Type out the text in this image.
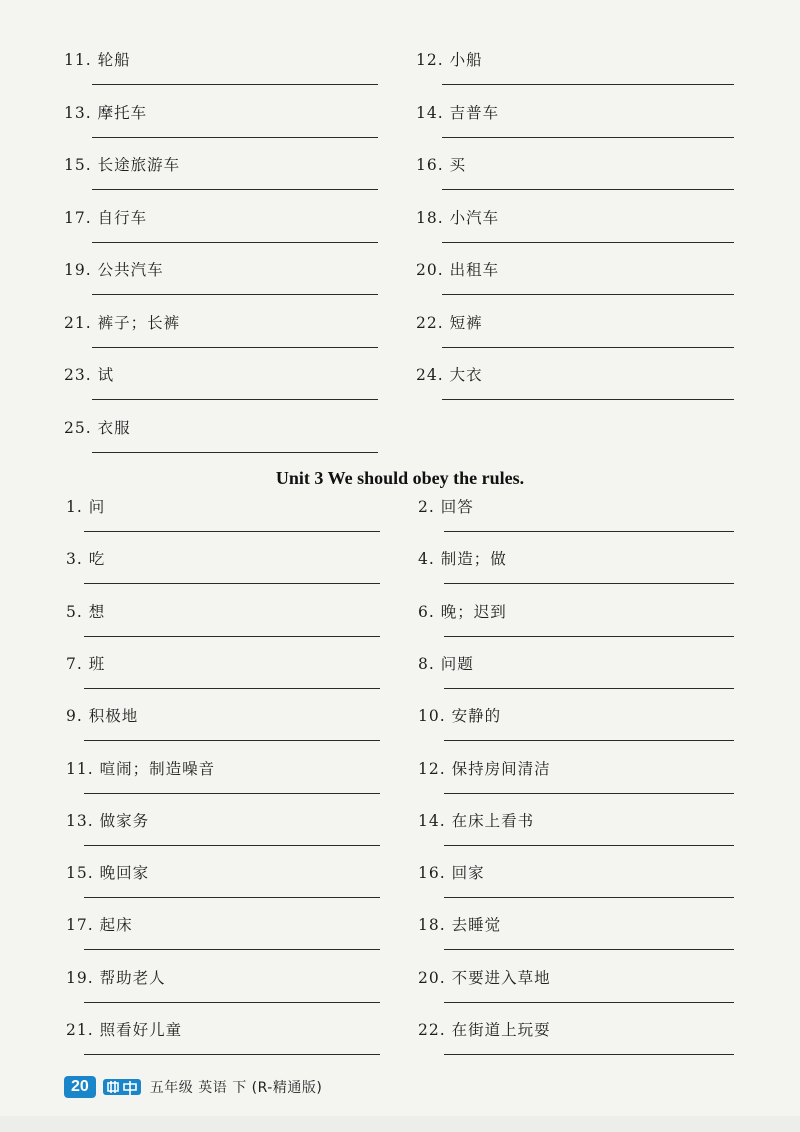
11. 轮船	12. 小船
13. 摩托车	14. 吉普车
15. 长途旅游车	16. 买
17. 自行车	18. 小汽车
19. 公共汽车	20. 出租车
21. 裤子；长裤	22. 短裤
23. 试	24. 大衣
25. 衣服
Unit 3 We should obey the rules.
1. 问	2. 回答
3. 吃	4. 制造；做
5. 想	6. 晚；迟到
7. 班	8. 问题
9. 积极地	10. 安静的
11. 喧闹；制造噪音	12. 保持房间清洁
13. 做家务	14. 在床上看书
15. 晚回家	16. 回家
17. 起床	18. 去睡觉
19. 帮助老人	20. 不要进入草地
21. 照看好儿童	22. 在街道上玩耍
20	五年级 英语 下 (R-精通版)
